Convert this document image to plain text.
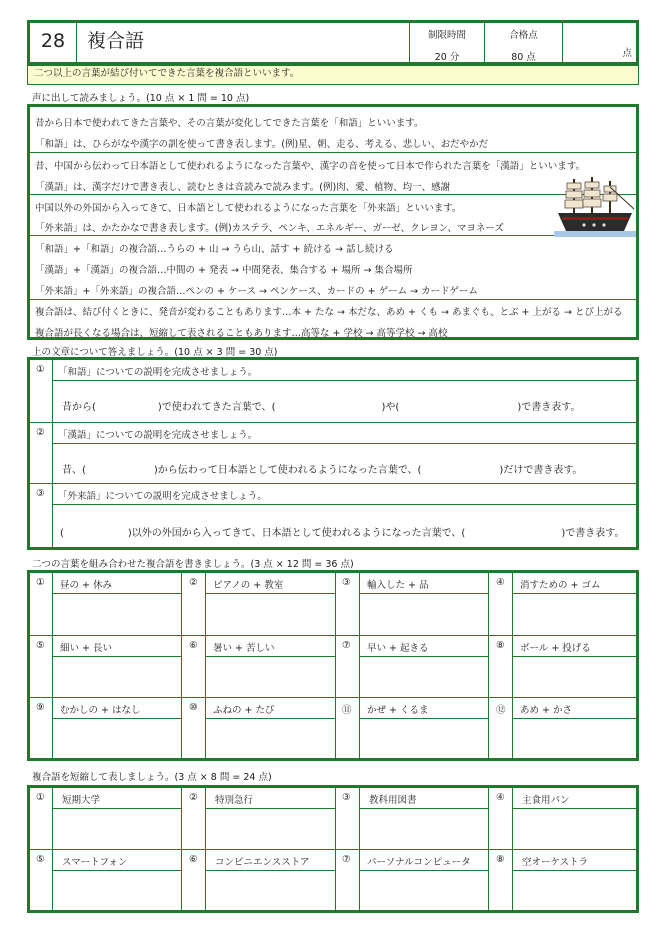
28	複合語	制限時間
20 分
合格点
80 点	点
二つ以上の言葉が結び付いてできた言葉を複合語といいます。
声に出して読みましょう。(10 点 × 1 問 = 10 点)
昔から日本で使われてきた言葉や、その言葉が変化してできた言葉を「和語」といいます。
「和語」は、ひらがなや漢字の訓を使って書き表します。(例)星、朝、走る、考える、悲しい、おだやかだ
昔、中国から伝わって日本語として使われるようになった言葉や、漢字の音を使って日本で作られた言葉を「漢語」といいます。
「漢語」は、漢字だけで書き表し、読むときは音読みで読みます。(例)肉、愛、植物、均一、感謝
中国以外の外国から入ってきて、日本語として使われるようになった言葉を「外来語」といいます。
「外来語」は、かたかなで書き表します。(例)カステラ、ペンキ、エネルギー、ガーゼ、クレヨン、マヨネーズ
「和語」+「和語」の複合語…うらの + 山 → うら山、話す + 続ける → 話し続ける
「漢語」+「漢語」の複合語…中間の + 発表 → 中間発表、集合する + 場所 → 集合場所
「外来語」+「外来語」の複合語…ペンの + ケース → ペンケース、カードの + ゲーム → カードゲーム
複合語は、結び付くときに、発音が変わることもあります…本 + たな → 本だな、あめ + くも → あまぐも、とぶ + 上がる → とび上がる
複合語が長くなる場合は、短縮して表されることもあります…高等な + 学校 → 高等学校 → 高校
上の文章について答えましょう。(10 点 × 3 問 = 30 点)
① 「和語」についての説明を完成させましょう。
昔から(	)で使われてきた言葉で、(	)や(	)で書き表す。
② 「漢語」についての説明を完成させましょう。
昔、(	)から伝わって日本語として使われるようになった言葉で、(	)だけで書き表す。
③ 「外来語」についての説明を完成させましょう。
(	)以外の外国から入ってきて、日本語として使われるようになった言葉で、(	)で書き表す。
二つの言葉を組み合わせた複合語を書きましょう。(3 点 × 12 問 = 36 点)
① 昼の + 休み	② ピアノの + 教室	③ 輸入した + 品	④ 消すための + ゴム
⑤ 細い + 長い	⑥ 暑い + 苦しい	⑦ 早い + 起きる	⑧ ボール + 投げる
⑨ むかしの + はなし	⑩ ふねの + たび	⑪ かぜ + くるま	⑫ あめ + かさ
複合語を短縮して表しましょう。(3 点 × 8 問 = 24 点)
① 短期大学	② 特別急行	③ 教科用図書	④ 主食用パン
⑤ スマートフォン	⑥ コンビニエンスストア	⑦ パーソナルコンピュータ	⑧ 空オーケストラ
